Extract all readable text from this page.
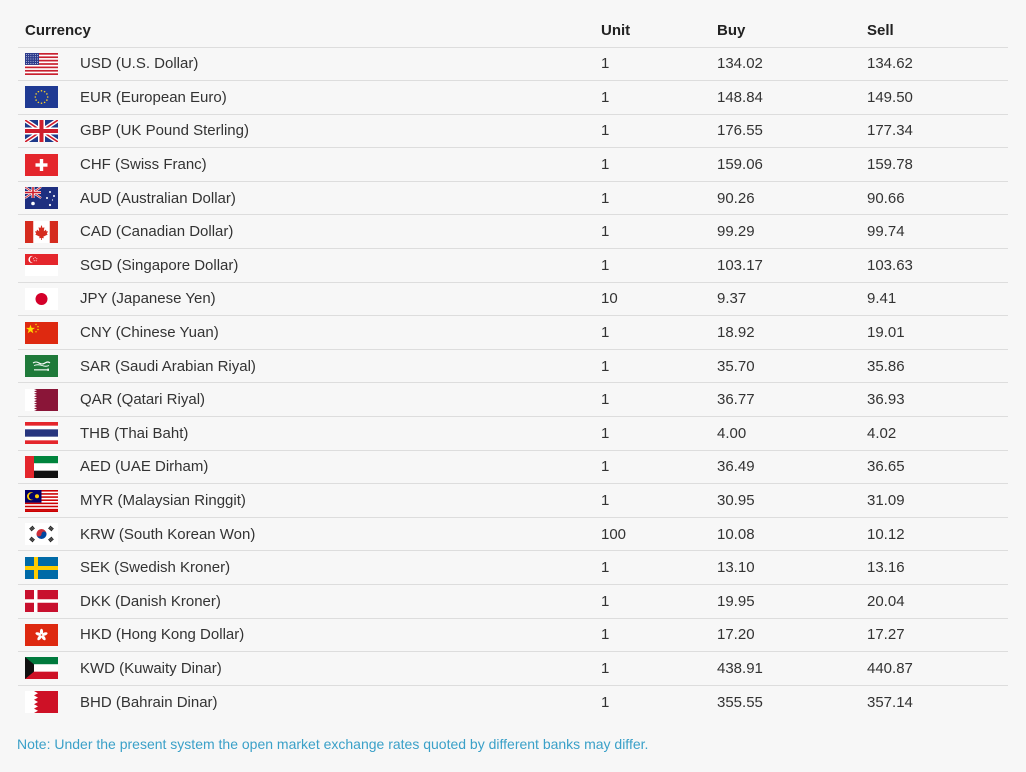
Currency	Unit	Buy	Sell

USD (U.S. Dollar)	1	134.02	134.62

EUR (European Euro)	1	148.84	149.50

GBP (UK Pound Sterling)	1	176.55	177.34

CHF (Swiss Franc)	1	159.06	159.78

AUD (Australian Dollar)	1	90.26	90.66

CAD (Canadian Dollar)	1	99.29	99.74

SGD (Singapore Dollar)	1	103.17	103.63

JPY (Japanese Yen)	10	9.37	9.41

CNY (Chinese Yuan)	1	18.92	19.01

SAR (Saudi Arabian Riyal)	1	35.70	35.86

QAR (Qatari Riyal)	1	36.77	36.93

THB (Thai Baht)	1	4.00	4.02

AED (UAE Dirham)	1	36.49	36.65

MYR (Malaysian Ringgit)	1	30.95	31.09

KRW (South Korean Won)	100	10.08	10.12

SEK (Swedish Kroner)	1	13.10	13.16

DKK (Danish Kroner)	1	19.95	20.04

HKD (Hong Kong Dollar)	1	17.20	17.27

KWD (Kuwaity Dinar)	1	438.91	440.87

BHD (Bahrain Dinar)	1	355.55	357.14
Note: Under the present system the open market exchange rates quoted by different banks may differ.
